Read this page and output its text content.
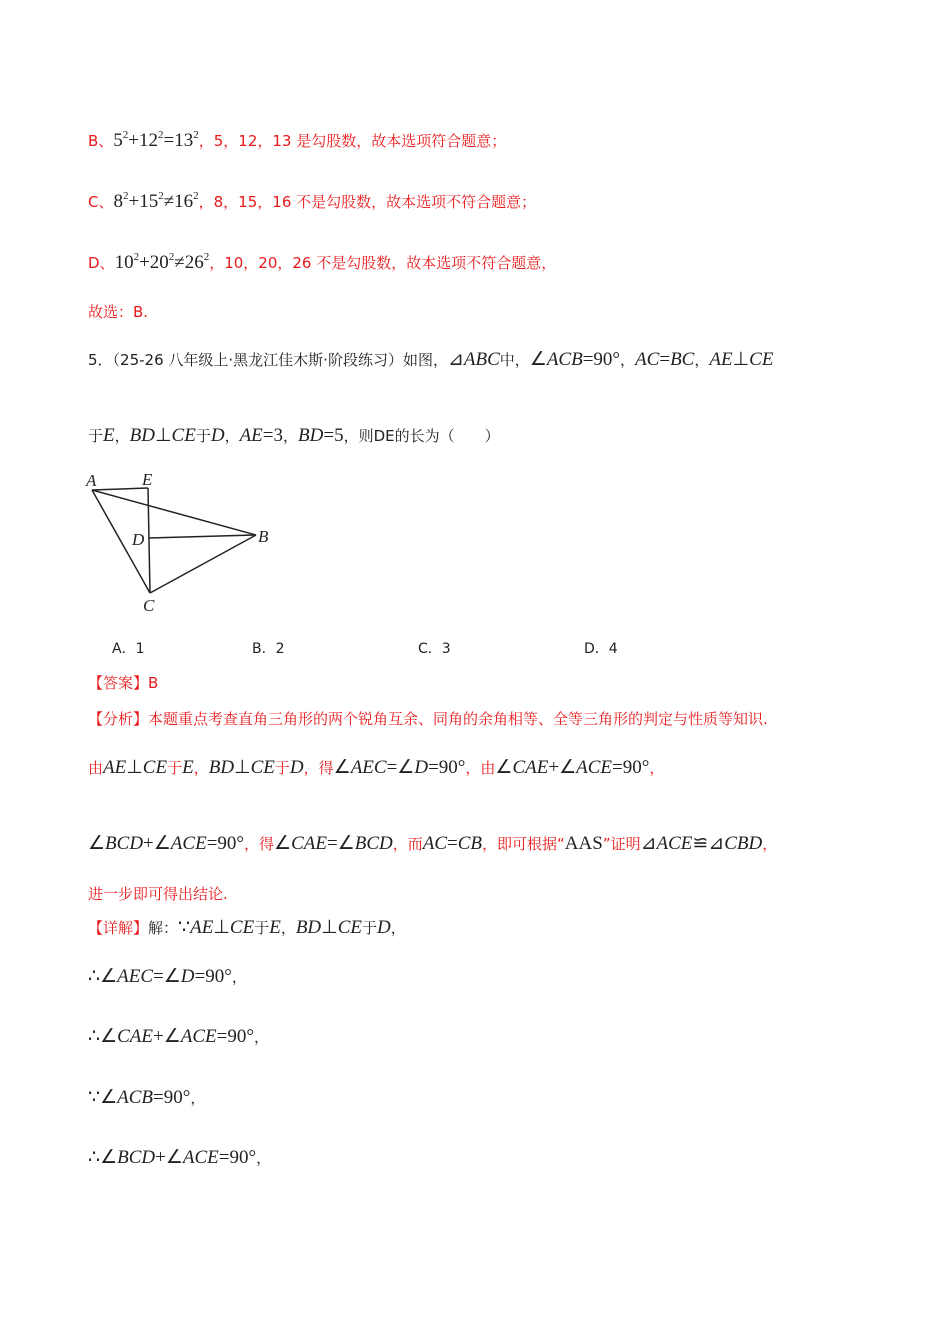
B、$5^2+12^2=13^2$，5，12，13 是勾股数，故本选项符合题意；
C、$8^2+15^2\ne 16^2$，8，15，16 不是勾股数，故本选项不符合题意；
D、$10^2+20^2\ne 26^2$，10，20，26 不是勾股数，故本选项不符合题意，
故选：B.
5．（25-26 八年级上·黑龙江佳木斯·阶段练习）如图，⊿ABC中，∠ACB=90°，AC=BC，AE⊥CE
于E，BD⊥CE于D，AE=3，BD=5，则DE的长为（　　）
A	E
D	B
C
A．1	B．2	C．3	D．4
【答案】B
【分析】本题重点考查直角三角形的两个锐角互余、同角的余角相等、全等三角形的判定与性质等知识.
由AE⊥CE于E，BD⊥CE于D，得∠AEC=∠D=90°，由∠CAE+∠ACE=90°，
∠BCD+∠ACE=90°，得∠CAE=∠BCD，而AC=CB，即可根据“AAS”证明⊿ACE≌⊿CBD，
进一步即可得出结论.
【详解】解：∵AE⊥CE于E，BD⊥CE于D，
∴∠AEC=∠D=90°，
∴∠CAE+∠ACE=90°，
∵∠ACB=90°，
∴∠BCD+∠ACE=90°，
